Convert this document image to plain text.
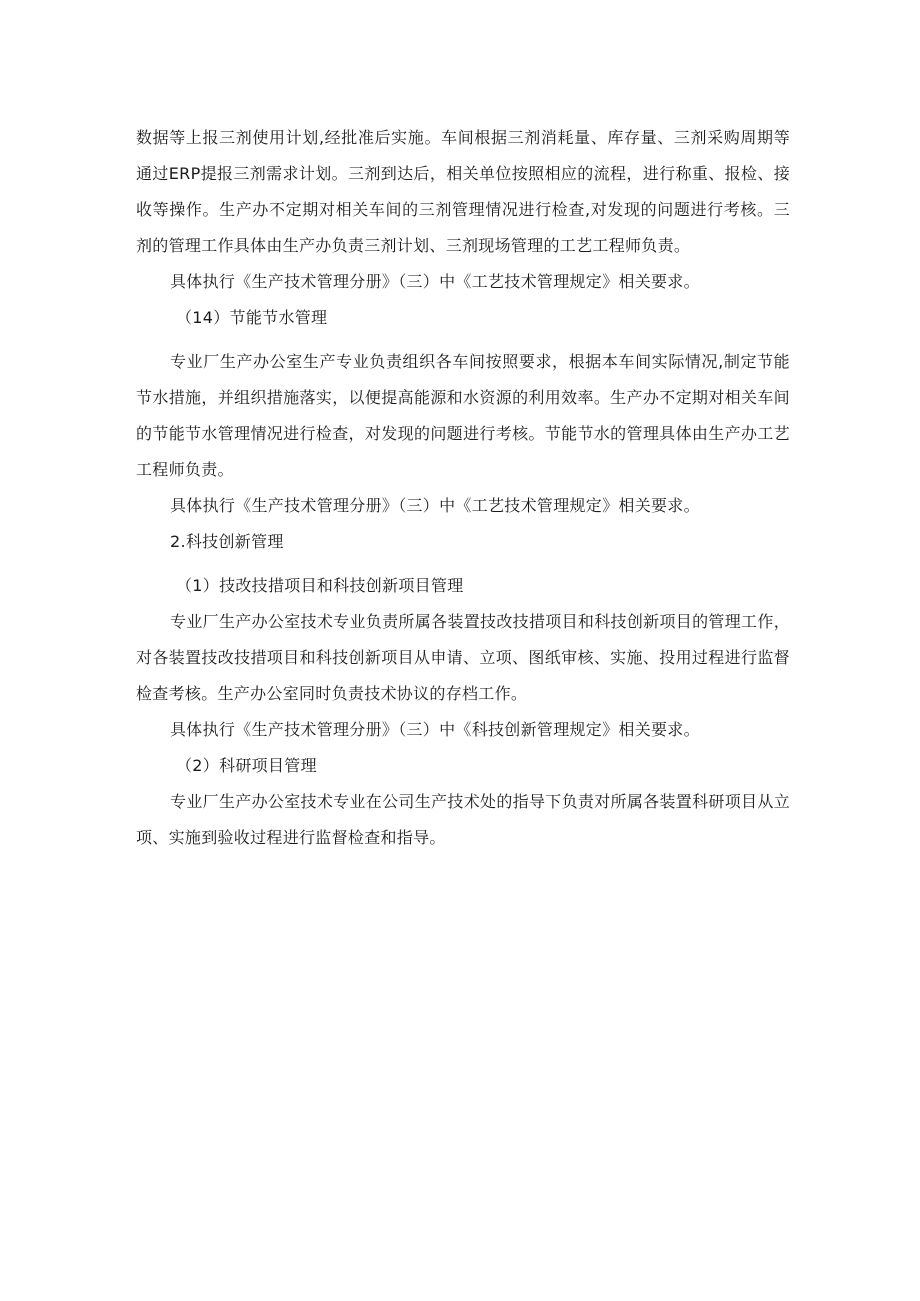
数据等上报三剂使用计划,经批准后实施。车间根据三剂消耗量、库存量、三剂采购周期等通过ERP提报三剂需求计划。三剂到达后，相关单位按照相应的流程，进行称重、报检、接收等操作。生产办不定期对相关车间的三剂管理情况进行检查,对发现的问题进行考核。三剂的管理工作具体由生产办负责三剂计划、三剂现场管理的工艺工程师负责。

具体执行《生产技术管理分册》（三）中《工艺技术管理规定》相关要求。

（14）节能节水管理

专业厂生产办公室生产专业负责组织各车间按照要求，根据本车间实际情况,制定节能节水措施，并组织措施落实，以便提高能源和水资源的利用效率。生产办不定期对相关车间的节能节水管理情况进行检查，对发现的问题进行考核。节能节水的管理具体由生产办工艺工程师负责。

具体执行《生产技术管理分册》（三）中《工艺技术管理规定》相关要求。

2.科技创新管理

（1）技改技措项目和科技创新项目管理

专业厂生产办公室技术专业负责所属各装置技改技措项目和科技创新项目的管理工作，对各装置技改技措项目和科技创新项目从申请、立项、图纸审核、实施、投用过程进行监督检查考核。生产办公室同时负责技术协议的存档工作。

具体执行《生产技术管理分册》（三）中《科技创新管理规定》相关要求。

（2）科研项目管理

专业厂生产办公室技术专业在公司生产技术处的指导下负责对所属各装置科研项目从立项、实施到验收过程进行监督检查和指导。
